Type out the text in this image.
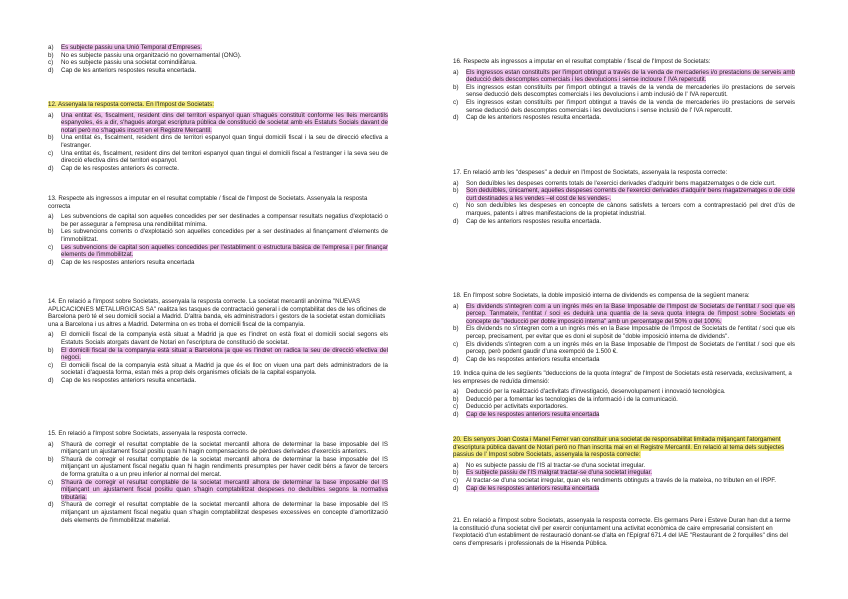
a)	Es subjecte passiu una Unió Temporal d'Empreses.
b)	No es subjecte passiu una organització no governamental (ONG).
c)	No es subjecte passiu una societat comindiitàrua.
d)	Cap de les anteriors respostes resulta encertada.

12. Assenyala la resposta correcta. En l'Impost de Societats:

a)	Una entitat és, fiscalment, resident dins del territori espanyol quan s'hagués constituït conforme les lleis mercantils espanyoles, és a dir, s'hagués atorgat escriptura pública de constitució de societat amb els Estatuts Socials davant de notari però no s'hagués inscrit en el Registre Mercantil.
b)	Una entitat és, fiscalment, resident dins de territori espanyol quan tingui domicili fiscal i la seu de direcció efectiva a l'estranger.
c)	Una entitat és, fiscalment, resident dins del territori espanyol quan tingui el domicili fiscal a l'estranger i la seva seu de direcció efectiva dins del territori espanyol.
d)	Cap de les respostes anteriors és correcte.

13. Respecte als ingressos a imputar en el resultat comptable / fiscal de l'Impost de Societats. Assenyala la resposta correcta

a)	Les subvencions de capital son aquelles concedides per ser destinades a compensar resultats negatius d'explotació o be per assegurar a l'empresa una rendibilitat mínima.
b)	Les subvencions corrents o d'explotació son aquelles concedides per a ser destinades al finançament d'elements de l'immobilitzat.
c)	Les subvencions de capital son aquelles concedides per l'establiment o estructura bàsica de l'empresa i per finançar elements de l'immobilitzat.
d)	Cap de les respostes anteriors resulta encertada

14. En relació a l'Impost sobre Societats, assenyala la resposta correcte. La societat mercantil anònima "NUEVAS APLICACIONES METALURGICAS SA" realitza les tasques de contractació general i de comptabilitat des de les oficines de Barcelona però té el seu domicili social a Madrid. D'altra banda, els administradors i gestors de la societat estan domiciliats una a Barcelona i us altres a Madrid. Determina on es troba el domicili fiscal de la companyia.

a)	El domicili fiscal de la companyia està situat a Madrid ja que es l'indret on està fixat el domicili social segons els Estatuts Socials atorgats davant de Notari en l'escriptura de constitució de societat.
b)	El domicili fiscal de la companyia està situat a Barcelona ja que es l'indret on radica la seu de direcció efectiva del negoci.
c)	El domicili fiscal de la companyia està situat a Madrid ja que és el lloc on viuen una part dels administradors de la societat i d'aquesta forma, estan més a prop dels organismes oficials de la capital espanyola.
d)	Cap de les respostes anteriors resulta encertada.

15. En relació a l'Impost sobre Societats, assenyala la resposta correcte.

a)	S'haurà de corregir el resultat comptable de la societat mercantil alhora de determinar la base imposable del IS mitjançant un ajustament fiscal positiu quan hi hagin compensacions de pèrdues derivades d'exercicis anteriors.
b)	S'haurà de corregir el resultat comptable de la societat mercantil alhora de determinar la base imposable del IS mitjançant un ajustament fiscal negatiu quan hi hagin rendiments presumptes per haver cedit béns a favor de tercers de forma gratuïta o a un preu inferior al normal del mercat.
c)	S'haurà de corregir el resultat comptable de la societat mercantil alhora de determinar la base imposable del IS mitjançant un ajustament fiscal positiu quan s'hagin comptabilitzat despeses no deduïbles segons la normativa tributària.
d)	S'haurà de corregir el resultat comptable de la societat mercantil alhora de determinar la base imposable del IS mitjançant un ajustament fiscal negatiu quan s'hagin comptabilitzat despeses excessives en concepte d'amortització dels elements de l'immobilitzat material.

16. Respecte als ingressos a imputar en el resultat comptable / fiscal de l'Impost de Societats:

a)	Els ingressos estan constituïts per l'import obtingut a través de la venda de mercaderies i/o prestacions de serveis amb deducció dels descomptes comercials i les devolucions i sense incloure l' IVA repercutit.
b)	Els ingressos estan constituïts per l'import obtingut a través de la venda de mercaderies i/o prestacions de serveis sense deducció dels descomptes comercials i les devolucions i amb inclusió de l' IVA repercutit.
c)	Els ingressos estan constituïts per l'import obtingut a través de la venda de mercaderies i/o prestacions de serveis sense deducció dels descomptes comercials i les devolucions i sense inclusió de l' IVA repercutit.
d)	Cap de les anteriors respostes resulta encertada.

17. En relació amb les "despeses" a deduir en l'Impost de Societats, assenyala la resposta correcte:

a)	Son deduïbles les despeses corrents totals de l'exercici derivades d'adquirir bens magatzematges o de cicle curt.
b)	Son deduïbles, únicament, aquelles despeses corrents de l'exercici derivades d'adquirir bens magatzematges o de cicle curt destinades a les vendes –el cost de les vendes-.
c)	No son deduïbles les despeses en concepte de cànons satisfets a tercers com a contraprestació pel dret d'ús de marques, patents i altres manifestacions de la propietat industrial.
d)	Cap de les anteriors respostes resulta encertada.

18. En l'Impost sobre Societats, la doble imposició interna de dividends es compensa de la següent manera:

a)	Els dividends s'integren com a un ingrés més en la Base Imposable de l'Impost de Societats de l'entitat / soci que els percep. Tanmateix, l'entitat / soci es deduirà una quantia de la seva quota íntegra de l'impost sobre Societats en concepte de "deducció per doble imposició interna" amb un percentatge del 50% o del 100%.
b)	Els dividends no s'integren com a un ingrés més en la Base Imposable de l'Impost de Societats de l'entitat / soci que els percep, precisament, per evitar que es doni el supòsit de "doble imposició interna de dividends".
c)	Els dividends s'integren com a un ingrés més en la Base Imposable de l'Impost de Societats de l'entitat / soci que els percep, però podent gaudir d'una exempció de 1.500 €.
d)	Cap de les respostes anteriors resulta encertada

19. Indica quina de les següents "deduccions de la quota íntegra" de l'Impost de Societats està reservada, exclusivament, a les empreses de reduïda dimensió:

a)	Deducció per la realització d'activitats d'investigació, desenvolupament i innovació tecnològica.
b)	Deducció per a fomentar les tecnologies de la informació i de la comunicació.
c)	Deducció per activitats exportadores.
d)	Cap de les respostes anteriors resulta encertada

20. Els senyors Joan Costa i Manel Ferrer van constituir una societat de responsabilitat limitada mitjançant l'atorgament d'escriptura pública davant de Notari però no l'han inscrita mai en el Registre Mercantil. En relació al tema dels subjectes passius de l' Impost sobre Societats, assenyala la resposta correcte:

a)	No es subjecte passiu de l'IS al tractar-se d'una societat irregular.
b)	Es subjecte passiu de l'IS malgrat tractar-se d'una societat irregular.
c)	Al tractar-se d'una societat irregular, quan els rendiments obtinguts a través de la mateixa, no tributen en el IRPF.
d)	Cap de les respostes anteriors resulta encertada

21. En relació a l'Impost sobre Societats, assenyala la resposta correcte. Els germans Pere i Esteve Duran han dut a terme la constitució d'una societat civil per exercir conjuntament una activitat econòmica de caire empresarial consistent en l'explotació d'un establiment de restauració donant-se d'alta en l'Epígraf 671.4 del IAE "Restaurant de 2 forquilles" dins del cens d'empresaris i professionals de la Hisenda Pública.
